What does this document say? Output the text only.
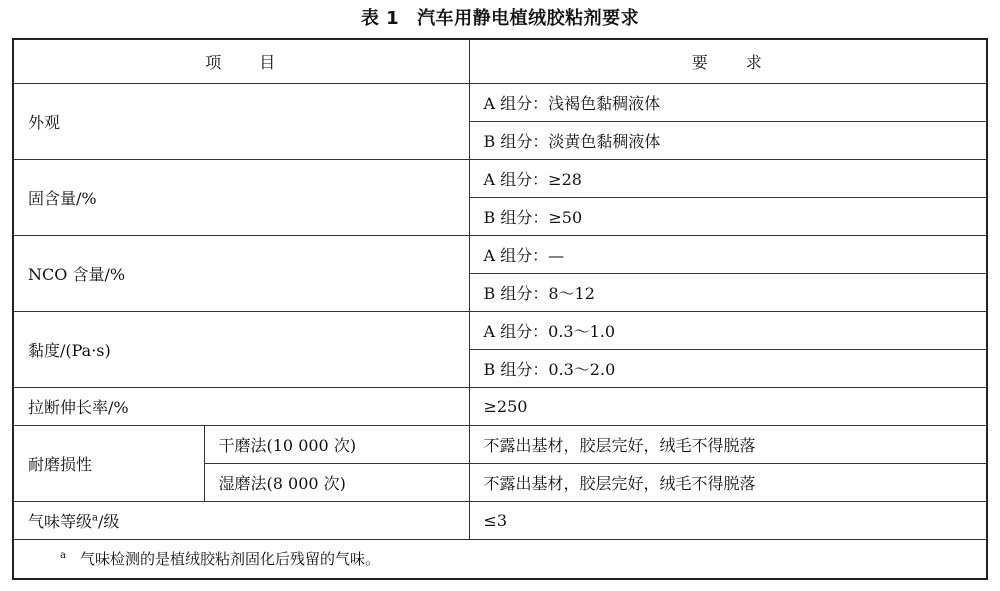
表 1 汽车用静电植绒胶粘剂要求
项　　目		要　　求
外观		A 组分：浅褐色黏稠液体
		B 组分：淡黄色黏稠液体
固含量/%		A 组分：≥28
		B 组分：≥50
NCO 含量/%		A 组分：—
		B 组分：8～12
黏度/(Pa·s)		A 组分：0.3～1.0
		B 组分：0.3～2.0
拉断伸长率/%		≥250
耐磨损性	干磨法(10 000 次)	不露出基材，胶层完好，绒毛不得脱落
	湿磨法(8 000 次)	不露出基材，胶层完好，绒毛不得脱落
气味等级$^a$/级		≤3
$^a$ 气味检测的是植绒胶粘剂固化后残留的气味。		
